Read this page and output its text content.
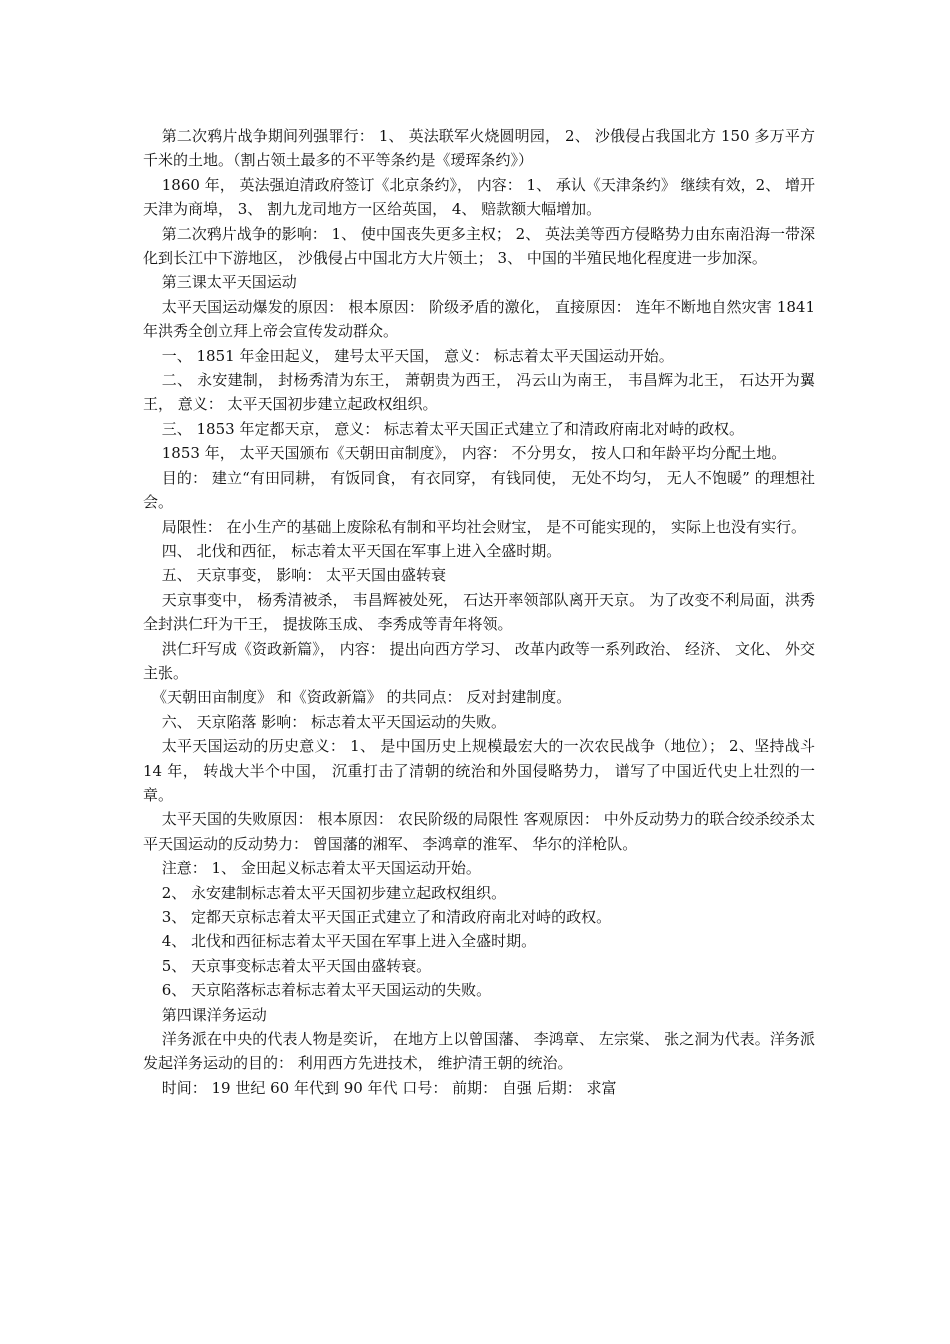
第二次鸦片战争期间列强罪行： 1、 英法联军火烧圆明园， 2、 沙俄侵占我国北方 150 多万平方千米的土地。（割占领土最多的不平等条约是《瑷珲条约》）

1860 年， 英法强迫清政府签订《北京条约》， 内容： 1、 承认《天津条约》 继续有效，2、 增开天津为商埠， 3、 割九龙司地方一区给英国， 4、 赔款额大幅增加。

第二次鸦片战争的影响： 1、 使中国丧失更多主权； 2、 英法美等西方侵略势力由东南沿海一带深化到长江中下游地区， 沙俄侵占中国北方大片领土； 3、 中国的半殖民地化程度进一步加深。

第三课太平天国运动

太平天国运动爆发的原因： 根本原因： 阶级矛盾的激化， 直接原因： 连年不断地自然灾害 1841 年洪秀全创立拜上帝会宣传发动群众。

一、 1851 年金田起义， 建号太平天国， 意义： 标志着太平天国运动开始。

二、 永安建制， 封杨秀清为东王， 萧朝贵为西王， 冯云山为南王， 韦昌辉为北王， 石达开为翼王， 意义： 太平天国初步建立起政权组织。

三、 1853 年定都天京， 意义： 标志着太平天国正式建立了和清政府南北对峙的政权。

1853 年， 太平天国颁布《天朝田亩制度》， 内容： 不分男女， 按人口和年龄平均分配土地。

目的： 建立“有田同耕， 有饭同食， 有衣同穿， 有钱同使， 无处不均匀， 无人不饱暖” 的理想社会。

局限性： 在小生产的基础上废除私有制和平均社会财宝， 是不可能实现的， 实际上也没有实行。

四、 北伐和西征， 标志着太平天国在军事上进入全盛时期。

五、 天京事变， 影响： 太平天国由盛转衰

天京事变中， 杨秀清被杀， 韦昌辉被处死， 石达开率领部队离开天京。 为了改变不利局面，洪秀全封洪仁玕为干王， 提拔陈玉成、 李秀成等青年将领。

洪仁玕写成《资政新篇》， 内容： 提出向西方学习、 改革内政等一系列政治、 经济、 文化、 外交主张。

《天朝田亩制度》 和《资政新篇》 的共同点： 反对封建制度。

六、 天京陷落 影响： 标志着太平天国运动的失败。

太平天国运动的历史意义： 1、 是中国历史上规模最宏大的一次农民战争（地位）； 2、坚持战斗 14 年， 转战大半个中国， 沉重打击了清朝的统治和外国侵略势力， 谱写了中国近代史上壮烈的一章。

太平天国的失败原因： 根本原因： 农民阶级的局限性 客观原因： 中外反动势力的联合绞杀绞杀太平天国运动的反动势力： 曾国藩的湘军、 李鸿章的淮军、 华尔的洋枪队。

注意： 1、 金田起义标志着太平天国运动开始。

2、 永安建制标志着太平天国初步建立起政权组织。

3、 定都天京标志着太平天国正式建立了和清政府南北对峙的政权。

4、 北伐和西征标志着太平天国在军事上进入全盛时期。

5、 天京事变标志着太平天国由盛转衰。

6、 天京陷落标志着标志着太平天国运动的失败。

第四课洋务运动

洋务派在中央的代表人物是奕䜣， 在地方上以曾国藩、 李鸿章、 左宗棠、 张之洞为代表。洋务派发起洋务运动的目的： 利用西方先进技术， 维护清王朝的统治。

时间： 19 世纪 60 年代到 90 年代 口号： 前期： 自强 后期： 求富
